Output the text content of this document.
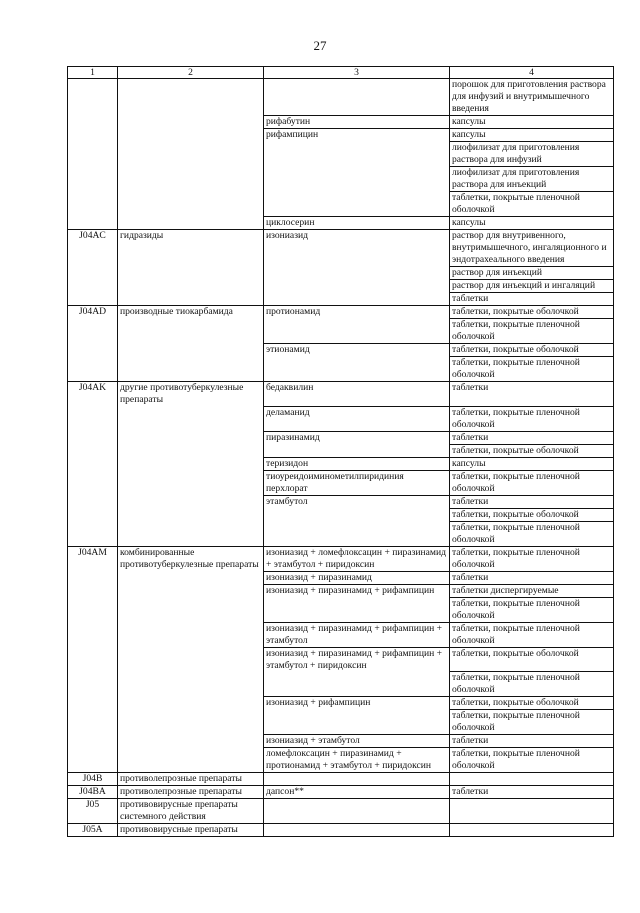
27
1	2	3	4
			порошок для приготовления раствора для инфузий и внутримышечного введения
		рифабутин	капсулы
		рифампицин	капсулы
			лиофилизат для приготовления раствора для инфузий
			лиофилизат для приготовления раствора для инъекций
			таблетки, покрытые пленочной оболочкой
		циклосерин	капсулы
J04AC	гидразиды	изониазид	раствор для внутривенного, внутримышечного, ингаляционного и эндотрахеального введения
			раствор для инъекций
			раствор для инъекций и ингаляций
			таблетки
J04AD	производные тиокарбамида	протионамид	таблетки, покрытые оболочкой
			таблетки, покрытые пленочной оболочкой
		этионамид	таблетки, покрытые оболочкой
			таблетки, покрытые пленочной оболочкой
J04AK	другие противотуберкулезные препараты	бедаквилин	таблетки
		деламанид	таблетки, покрытые пленочной оболочкой
		пиразинамид	таблетки
			таблетки, покрытые оболочкой
		теризидон	капсулы
		тиоуреидоиминометилпиридиния перхлорат	таблетки, покрытые пленочной оболочкой
		этамбутол	таблетки
			таблетки, покрытые оболочкой
			таблетки, покрытые пленочной оболочкой
J04AM	комбинированные противотуберкулезные препараты	изониазид + ломефлоксацин + пиразинамид + этамбутол + пиридоксин	таблетки, покрытые пленочной оболочкой
		изониазид + пиразинамид	таблетки
		изониазид + пиразинамид + рифампицин	таблетки диспергируемые
			таблетки, покрытые пленочной оболочкой
		изониазид + пиразинамид + рифампицин + этамбутол	таблетки, покрытые пленочной оболочкой
		изониазид + пиразинамид + рифампицин + этамбутол + пиридоксин	таблетки, покрытые оболочкой
			таблетки, покрытые пленочной оболочкой
		изониазид + рифампицин	таблетки, покрытые оболочкой
			таблетки, покрытые пленочной оболочкой
		изониазид + этамбутол	таблетки
		ломефлоксацин + пиразинамид + протионамид + этамбутол + пиридоксин	таблетки, покрытые пленочной оболочкой
J04B	противолепрозные препараты		
J04BA	противолепрозные препараты	дапсон**	таблетки
J05	противовирусные препараты системного действия		
J05A	противовирусные препараты		
